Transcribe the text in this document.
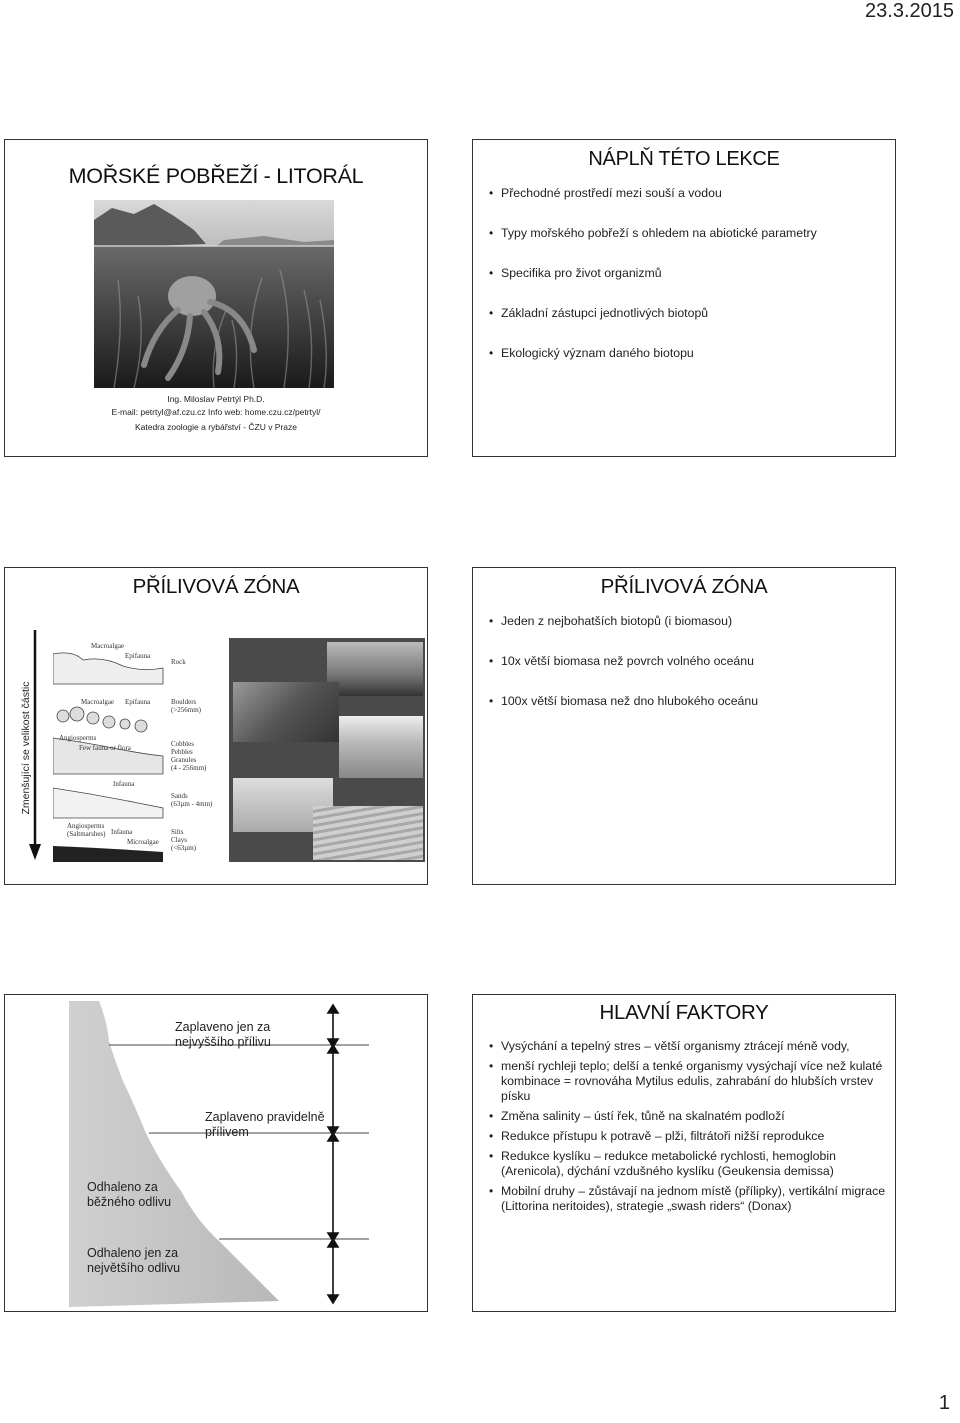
23.3.2015
MOŘSKÉ POBŘEŽÍ - LITORÁL
Ing. Miloslav Petrtýl Ph.D.
E-mail: petrtyl@af.czu.cz Info web: home.czu.cz/petrtyl/
Katedra zoologie a rybářství - ČZU v Praze
NÁPLŇ TÉTO LEKCE
• Přechodné prostředí mezi souší a vodou
• Typy mořského pobřeží s ohledem na abiotické parametry
• Specifika pro život organizmů
• Základní zástupci jednotlivých biotopů
• Ekologický význam daného biotopu
PŘÍLIVOVÁ ZÓNA
Zmenšující se velikost částic
Macroalgae
Epifauna
Rock
Macroalgae Epifauna	Boulders
(>256mm)
Angiosperms
Few fauna or flora	Cobbles
Pebbles
Granules
(4 - 256mm)
Infauna
Sands
(63µm - 4mm)
Angiosperms
(Saltmarshes) Infauna
Microalgae
Silts
Clays
(<63µm)
PŘÍLIVOVÁ ZÓNA
• Jeden z nejbohatších biotopů (i biomasou)
• 10x větší biomasa než povrch volného oceánu
• 100x větší biomasa než dno hlubokého oceánu
Zaplaveno jen za nejvyššího přílivu
Zaplaveno pravidelně přílivem
Odhaleno za běžného odlivu
Odhaleno jen za největšího odlivu
HLAVNÍ FAKTORY
• Vysýchání a tepelný stres – větší organismy ztrácejí méně vody,
• menší rychleji teplo; delší a tenké organismy vysýchají více než kulaté kombinace = rovnováha Mytilus edulis, zahrabání do hlubších vrstev písku
• Změna salinity – ústí řek, tůně na skalnatém podloží
• Redukce přístupu k potravě – plži, filtrátoři nižší reprodukce
• Redukce kyslíku – redukce metabolické rychlosti, hemoglobin (Arenicola), dýchání vzdušného kyslíku (Geukensia demissa)
• Mobilní druhy – zůstávají na jednom místě (přílipky), vertikální migrace (Littorina neritoides), strategie „swash riders“ (Donax)
1
